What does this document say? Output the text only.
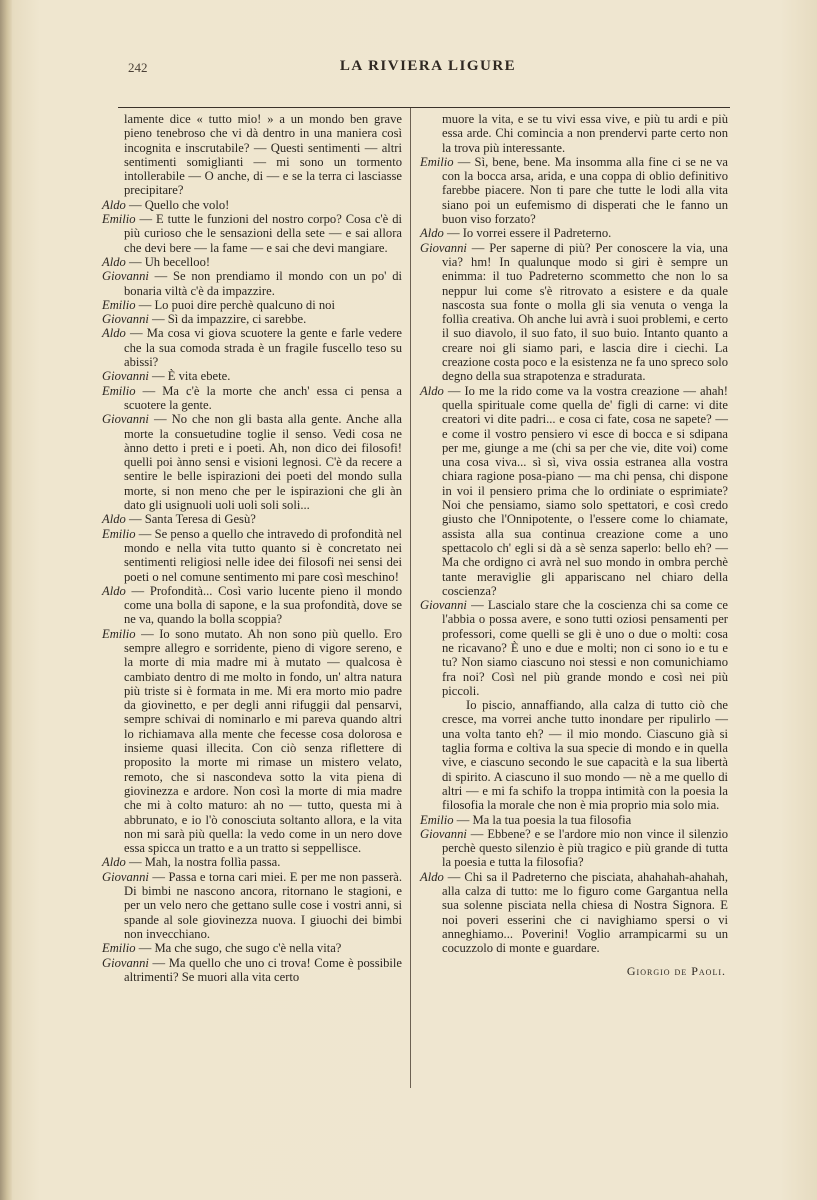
242	LA RIVIERA LIGURE

lamente dice « tutto mio! » a un mondo ben grave pieno tenebroso che vi dà dentro in una maniera così incognita e inscrutabile? — Questi sentimenti — altri sentimenti somiglianti — mi sono un tormento intollerabile — O anche, di — e se la terra ci lasciasse precipitare?

Aldo — Quello che volo!

Emilio — E tutte le funzioni del nostro corpo? Cosa c'è di più curioso che le sensazioni della sete — e sai allora che devi bere — la fame — e sai che devi mangiare.

Aldo — Uh becelloo!

Giovanni — Se non prendiamo il mondo con un po' di bonaria viltà c'è da impazzire.

Emilio — Lo puoi dire perchè qualcuno di noi

Giovanni — Sì da impazzire, ci sarebbe.

Aldo — Ma cosa vi giova scuotere la gente e farle vedere che la sua comoda strada è un fragile fuscello teso su abissi?

Giovanni — È vita ebete.

Emilio — Ma c'è la morte che anch' essa ci pensa a scuotere la gente.

Giovanni — No che non gli basta alla gente. Anche alla morte la consuetudine toglie il senso. Vedi cosa ne ànno detto i preti e i poeti. Ah, non dico dei filosofi! quelli poi ànno sensi e visioni legnosi. C'è da recere a sentire le belle ispirazioni dei poeti del mondo sulla morte, si non meno che per le ispirazioni che gli àn dato gli usignuoli uoli uoli soli soli...

Aldo — Santa Teresa di Gesù?

Emilio — Se penso a quello che intravedo di profondità nel mondo e nella vita tutto quanto si è concretato nei sentimenti religiosi nelle idee dei filosofi nei sensi dei poeti o nel comune sentimento mi pare così meschino!

Aldo — Profondità... Così vario lucente pieno il mondo come una bolla di sapone, e la sua profondità, dove se ne va, quando la bolla scoppia?

Emilio — Io sono mutato. Ah non sono più quello. Ero sempre allegro e sorridente, pieno di vigore sereno, e la morte di mia madre mi à mutato — qualcosa è cambiato dentro di me molto in fondo, un' altra natura più triste si è formata in me. Mi era morto mio padre da giovinetto, e per degli anni rifuggii dal pensarvi, sempre schivai di nominarlo e mi pareva quando altri lo richiamava alla mente che fecesse cosa dolorosa e insieme quasi illecita. Con ciò senza riflettere di proposito la morte mi rimase un mistero velato, remoto, che si nascondeva sotto la vita piena di giovinezza e ardore. Non così la morte di mia madre che mi à colto maturo: ah no — tutto, questa mi à abbrunato, e io l'ò conosciuta soltanto allora, e la vita non mi sarà più quella: la vedo come in un nero dove essa spicca un tratto e a un tratto si seppellisce.

Aldo — Mah, la nostra follìa passa.

Giovanni — Passa e torna cari miei. E per me non passerà. Di bimbi ne nascono ancora, ritornano le stagioni, e per un velo nero che gettano sulle cose i vostri anni, si spande al sole giovinezza nuova. I giuochi dei bimbi non invecchiano.

Emilio — Ma che sugo, che sugo c'è nella vita?

Giovanni — Ma quello che uno ci trova! Come è possibile altrimenti? Se muori alla vita certo

muore la vita, e se tu vivi essa vive, e più tu ardi e più essa arde. Chi comincia a non prendervi parte certo non la trova più interessante.

Emilio — Sì, bene, bene. Ma insomma alla fine ci se ne va con la bocca arsa, arida, e una coppa di oblio definitivo farebbe piacere. Non ti pare che tutte le lodi alla vita siano poi un eufemismo di disperati che le fanno un buon viso forzato?

Aldo — Io vorrei essere il Padreterno.

Giovanni — Per saperne di più? Per conoscere la via, una via? hm! In qualunque modo si giri è sempre un enimma: il tuo Padreterno scommetto che non lo sa neppur lui come s'è ritrovato a esistere e da quale nascosta sua fonte o molla gli sia venuta o venga la follìa creativa. Oh anche lui avrà i suoi problemi, e certo il suo diavolo, il suo fato, il suo buio. Intanto quanto a creare noi gli siamo pari, e lascia dire i ciechi. La creazione costa poco e la esistenza ne fa uno spreco solo degno della sua strapotenza e stradurata.

Aldo — Io me la rido come va la vostra creazione — ahah! quella spirituale come quella de' figli di carne: vi dite creatori vi dite padri... e cosa ci fate, cosa ne sapete? — e come il vostro pensiero vi esce di bocca e si sdipana per me, giunge a me (chi sa per che vie, dite voi) come una cosa viva... sì sì, viva ossia estranea alla vostra chiara ragione posa-piano — ma chi pensa, chi dispone in voi il pensiero prima che lo ordiniate o esprimiate? Noi che pensiamo, siamo solo spettatori, e così credo giusto che l'Onnipotente, o l'essere come lo chiamate, assista alla sua continua creazione come a uno spettacolo ch' egli si dà a sè senza saperlo: bello eh? — Ma che ordigno ci avrà nel suo mondo in ombra perchè tante meraviglie gli appariscano nel chiaro della coscienza?

Giovanni — Lascialo stare che la coscienza chi sa come ce l'abbia o possa avere, e sono tutti oziosi pensamenti per professori, come quelli se gli è uno o due o molti: cosa ne ricavano? È uno e due e molti; non ci sono io e tu e tu? Non siamo ciascuno noi stessi e non comunichiamo fra noi? Così nel più grande mondo e così nei più piccoli.

Io piscio, annaffiando, alla calza di tutto ciò che cresce, ma vorrei anche tutto inondare per ripulirlo — una volta tanto eh? — il mio mondo. Ciascuno già si taglia forma e coltiva la sua specie di mondo e in quella vive, e ciascuno secondo le sue capacità e la sua libertà di spirito. A ciascuno il suo mondo — nè a me quello di altri — e mi fa schifo la troppa intimità con la poesia la filosofia la morale che non è mia proprio mia solo mia.

Emilio — Ma la tua poesia la tua filosofia

Giovanni — Ebbene? e se l'ardore mio non vince il silenzio perchè questo silenzio è più tragico e più grande di tutta la poesia e tutta la filosofia?

Aldo — Chi sa il Padreterno che pisciata, ahahahah-ahahah, alla calza di tutto: me lo figuro come Gargantua nella sua solenne pisciata nella chiesa di Nostra Signora. E noi poveri esserini che ci navighiamo spersi o vi anneghiamo... Poverini! Voglio arrampicarmi su un cocuzzolo di monte e guardare.

Giorgio de Paoli.
